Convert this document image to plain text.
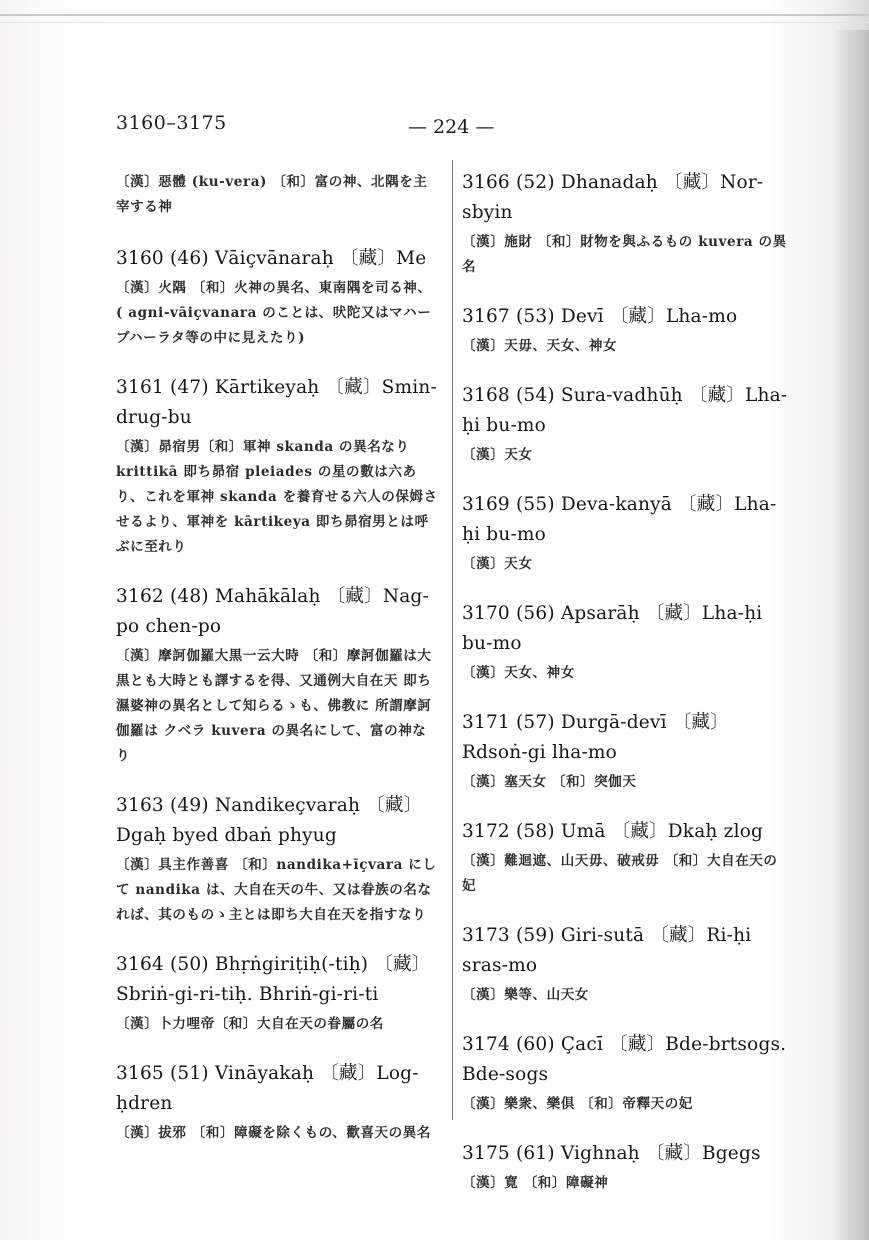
3160–3175	— 224 —
〔漢〕惡體 (ku-vera) 〔和〕富の神、北隅を主宰する神
3160 (46) Vāiçvānaraḥ 〔藏〕Me
〔漢〕火隅 〔和〕火神の異名、東南隅を司る神、( agni-vāiçvanara のことは、吠陀又はマハーブハーラタ等の中に見えたり)
3161 (47) Kārtikeyaḥ 〔藏〕Smin-drug-bu
〔漢〕昴宿男〔和〕軍神 skanda の異名なり krittikā 即ち昴宿 pleiades の星の數は六あり、これを軍神 skanda を養育せる六人の保姆させるより、軍神を kārtikeya 即ち昴宿男とは呼ぶに至れり
3162 (48) Mahākālaḥ 〔藏〕Nag-po chen-po
〔漢〕摩訶伽羅大黒一云大時 〔和〕摩訶伽羅は大黒とも大時とも譯するを得、又通例大自在天 即ち濕婆神の異名として知らるゝも、佛教に 所謂摩訶伽羅は クベラ kuvera の異名にして、富の神なり
3163 (49) Nandikeçvaraḥ 〔藏〕Dgaḥ byed dbaṅ phyug
〔漢〕具主作善喜 〔和〕nandika+īçvara にして nandika は、大自在天の牛、又は眷族の名なれば、其のものゝ主とは即ち大自在天を指すなり
3164 (50) Bhṛṅgiriṭiḥ(-tiḥ) 〔藏〕Sbriṅ-gi-ri-tiḥ. Bhriṅ-gi-ri-ti
〔漢〕卜力哩帝〔和〕大自在天の眷屬の名
3165 (51) Vināyakaḥ 〔藏〕Log-ḥdren
〔漢〕拔邪 〔和〕障礙を除くもの、歡喜天の異名
3166 (52) Dhanadaḥ 〔藏〕Nor-sbyin
〔漢〕施財 〔和〕財物を與ふるもの kuvera の異名
3167 (53) Devī 〔藏〕Lha-mo
〔漢〕天毋、天女、神女
3168 (54) Sura-vadhūḥ 〔藏〕Lha-ḥi bu-mo
〔漢〕天女
3169 (55) Deva-kanyā 〔藏〕Lha-ḥi bu-mo
〔漢〕天女
3170 (56) Apsarāḥ 〔藏〕Lha-ḥi bu-mo
〔漢〕天女、神女
3171 (57) Durgā-devī 〔藏〕Rdsoṅ-gi lha-mo
〔漢〕塞天女 〔和〕突伽天
3172 (58) Umā 〔藏〕Dkaḥ zlog
〔漢〕難迴遮、山天毋、破戒毋 〔和〕大自在天の妃
3173 (59) Giri-sutā 〔藏〕Ri-ḥi sras-mo
〔漢〕樂等、山天女
3174 (60) Çacī 〔藏〕Bde-brtsogs. Bde-sogs
〔漢〕樂衆、樂倶 〔和〕帝釋天の妃
3175 (61) Vighnaḥ 〔藏〕Bgegs
〔漢〕寛 〔和〕障礙神
